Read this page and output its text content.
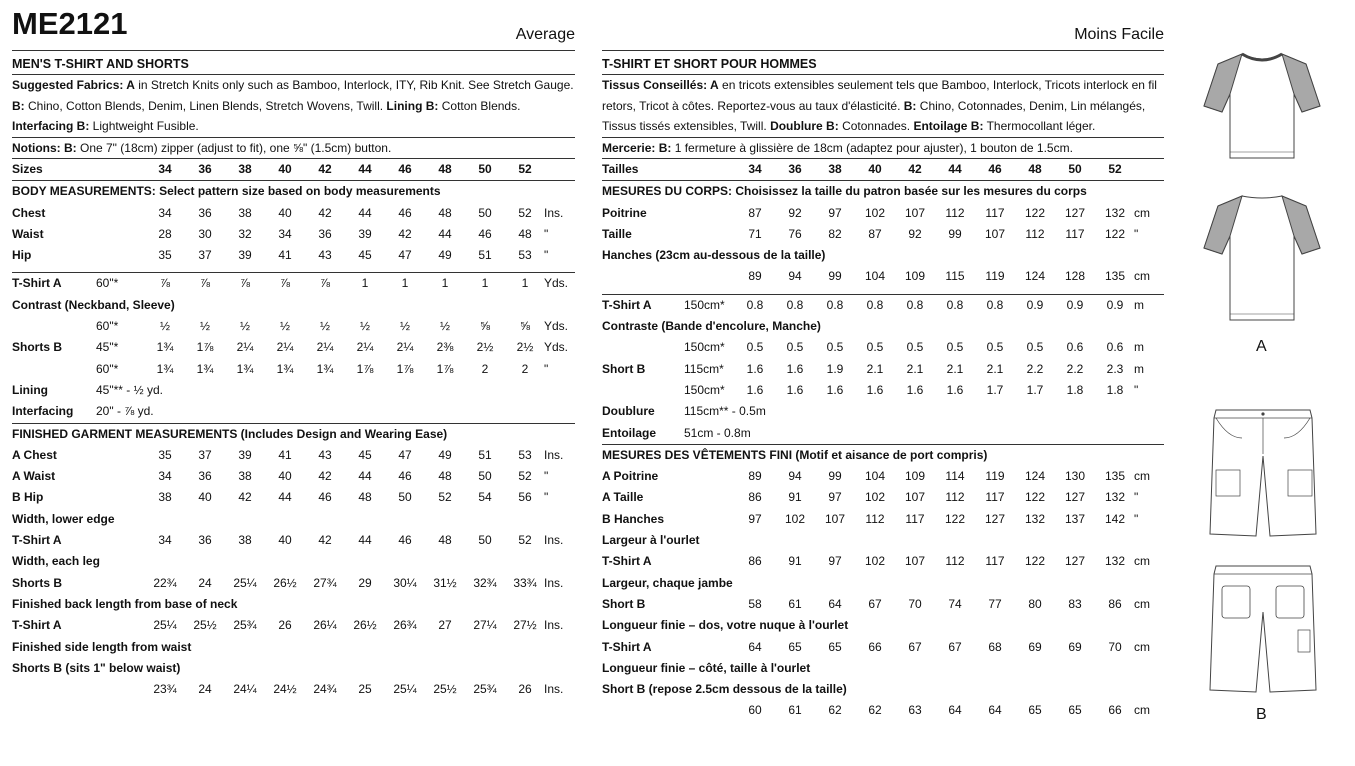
ME2121	Average
MEN'S T-SHIRT AND SHORTS
Suggested Fabrics: A in Stretch Knits only such as Bamboo, Interlock, ITY, Rib Knit. See Stretch Gauge. B: Chino, Cotton Blends, Denim, Linen Blends, Stretch Wovens, Twill. Lining B: Cotton Blends. Interfacing B: Lightweight Fusible.
Notions: B: One 7" (18cm) zipper (adjust to fit), one ⅝" (1.5cm) button.
Sizes	34 36 38 40 42 44 46 48 50 52
BODY MEASUREMENTS: Select pattern size based on body measurements
Chest	34 36 38 40 42 44 46 48 50 52 Ins.
Waist	28 30 32 34 36 39 42 44 46 48 "
Hip	35 37 39 41 43 45 47 49 51 53 "
T-Shirt A	60"*	⅞ ⅞ ⅞ ⅞ ⅞	1	1	1	1	1 Yds.
Contrast (Neckband, Sleeve)
60"*	½ ½ ½ ½ ½ ½ ½ ½ ⅝ ⅝ Yds.
Shorts B	45"*	1¾ 1⅞ 2¼ 2¼ 2¼ 2¼ 2¼ 2⅜ 2½ 2½ Yds.
60"*	1¾ 1¾ 1¾ 1¾ 1¾ 1⅞ 1⅞ 1⅞ 2	2 "
Lining	45"** - ½ yd.
Interfacing 20" - ⅞ yd.
FINISHED GARMENT MEASUREMENTS (Includes Design and Wearing Ease)
A Chest	35 37 39 41 43 45 47 49 51 53 Ins.
A Waist	34 36 38 40 42 44 46 48 50 52 "
B Hip	38 40 42 44 46 48 50 52 54 56 "
Width, lower edge
T-Shirt A	34 36 38 40 42 44 46 48 50 52 Ins.
Width, each leg
Shorts B	22¾ 24 25¼ 26½ 27¾ 29 30¼ 31½ 32¾ 33¾ Ins.
Finished back length from base of neck
T-Shirt A	25¼ 25½ 25¾ 26 26¼ 26½ 26¾ 27 27¼ 27½ Ins.
Finished side length from waist
Shorts B (sits 1" below waist)
23¾ 24 24¼ 24½ 24¾ 25 25¼ 25½ 25¾ 26 Ins.
Moins Facile
T-SHIRT ET SHORT POUR HOMMES
Tissus Conseillés: A en tricots extensibles seulement tels que Bamboo, Interlock, Tricots interlock en fil retors, Tricot à côtes. Reportez-vous au taux d'élasticité. B: Chino, Cotonnades, Denim, Lin mélangés, Tissus tissés extensibles, Twill. Doublure B: Cotonnades. Entoilage B: Thermocollant léger.
Mercerie: B: 1 fermeture à glissière de 18cm (adaptez pour ajuster), 1 bouton de 1.5cm.
Tailles	34 36 38 40 42 44 46 48 50 52
MESURES DU CORPS: Choisissez la taille du patron basée sur les mesures du corps
Poitrine	87 92 97 102 107 112 117 122 127 132 cm
Taille	71 76 82 87 92 99 107 112 117 122 "
Hanches (23cm au-dessous de la taille)
89 94 99 104 109 115 119 124 128 135 cm
T-Shirt A	150cm* 0.8 0.8 0.8 0.8 0.8 0.8 0.8 0.9 0.9 0.9 m
Contraste (Bande d'encolure, Manche)
150cm* 0.5 0.5 0.5 0.5 0.5 0.5 0.5 0.5 0.6 0.6 m
Short B	115cm* 1.6 1.6 1.9 2.1 2.1 2.1 2.1 2.2 2.2 2.3 m
150cm* 1.6 1.6 1.6 1.6 1.6 1.6 1.7 1.7 1.8 1.8 "
Doublure 115cm** - 0.5m
Entoilage 51cm - 0.8m
MESURES DES VÊTEMENTS FINI (Motif et aisance de port compris)
A Poitrine	89 94 99 104 109 114 119 124 130 135 cm
A Taille	86 91 97 102 107 112 117 122 127 132 "
B Hanches	97 102 107 112 117 122 127 132 137 142 "
Largeur à l'ourlet
T-Shirt A	86 91 97 102 107 112 117 122 127 132 cm
Largeur, chaque jambe
Short B	58 61 64 67 70 74 77 80 83 86 cm
Longueur finie – dos, votre nuque à l'ourlet
T-Shirt A	64 65 65 66 67 67 68 69 69 70 cm
Longueur finie – côté, taille à l'ourlet
Short B (repose 2.5cm dessous de la taille)
60 61 62 62 63 64 64 65 65 66 cm
A
B
